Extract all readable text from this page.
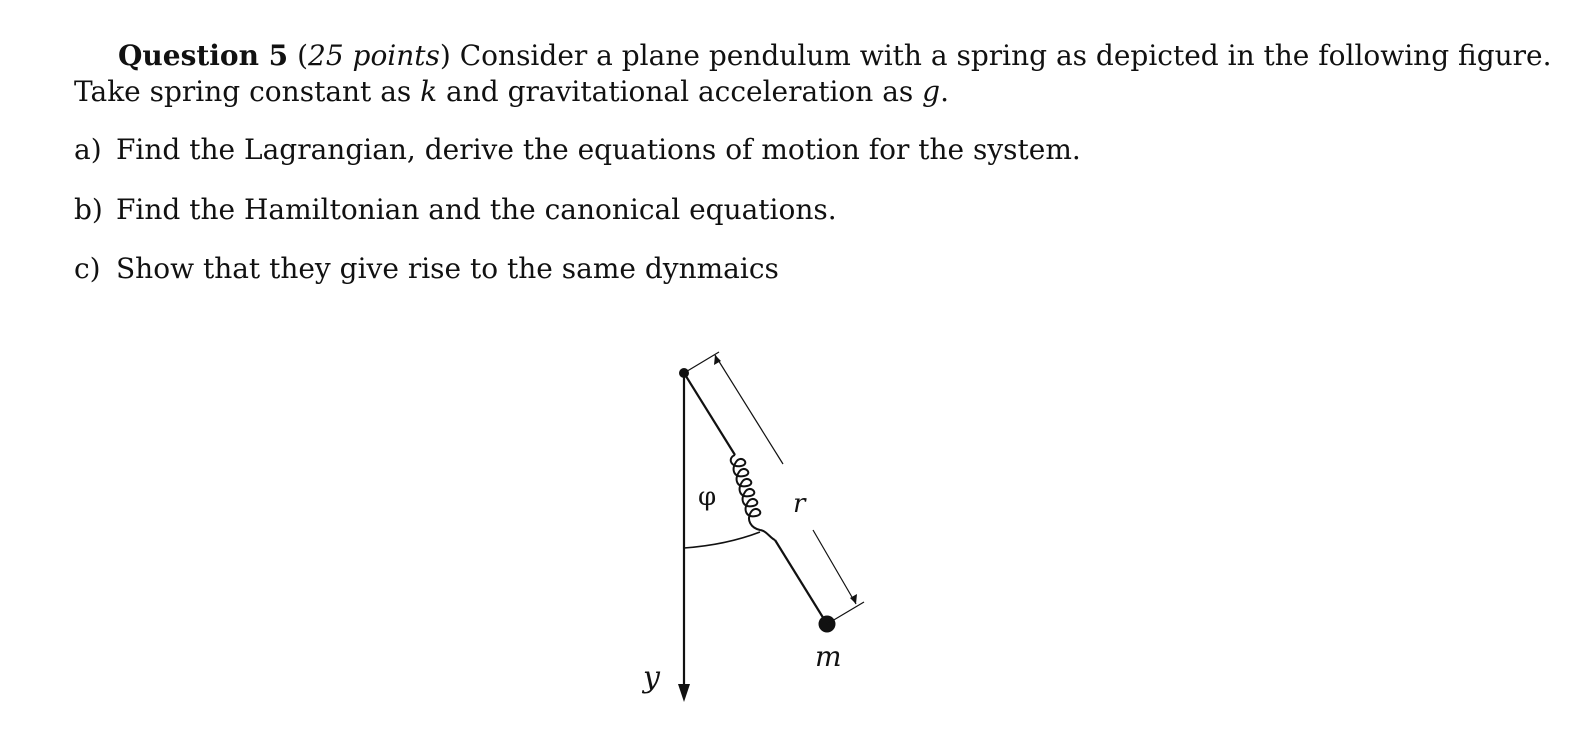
Question 5 (25 points) Consider a plane pendulum with a spring as depicted in the following figure.
Take spring constant as k and gravitational acceleration as g.
a) Find the Lagrangian, derive the equations of motion for the system.
b) Find the Hamiltonian and the canonical equations.
c) Show that they give rise to the same dynmaics
φ	r
m
y
